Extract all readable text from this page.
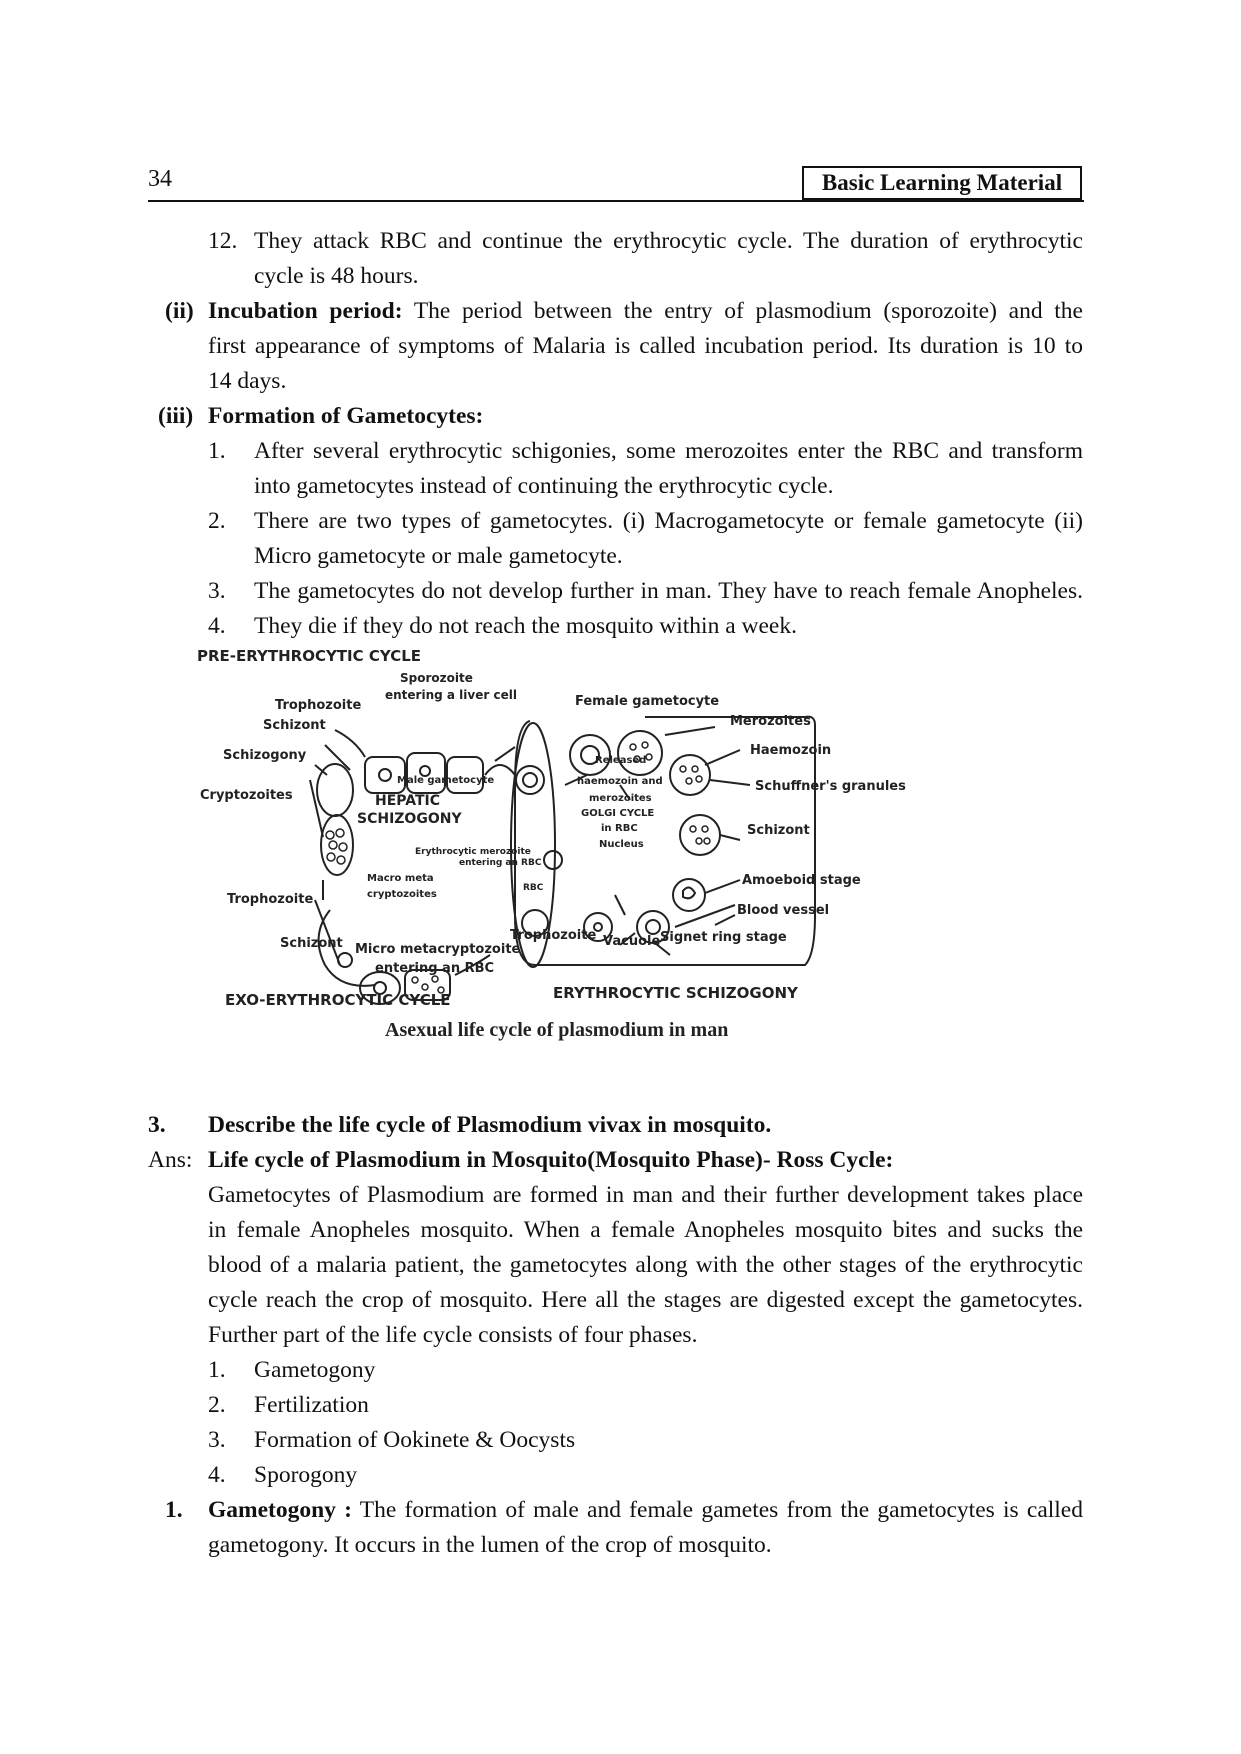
34	Basic Learning Material
12. They attack RBC and continue the erythrocytic cycle. The duration of erythrocytic
cycle is 48 hours.
(ii) Incubation period: The period between the entry of plasmodium (sporozoite) and the
first appearance of symptoms of Malaria is called incubation period. Its duration is 10 to
14 days.
(iii) Formation of Gametocytes:
1. After several erythrocytic schigonies, some merozoites enter the RBC and transform
into gametocytes instead of continuing the erythrocytic cycle.
2. There are two types of gametocytes. (i) Macrogametocyte or female gametocyte (ii)
Micro gametocyte or male gametocyte.
3. The gametocytes do not develop further in man. They have to reach female Anopheles.
4. They die if they do not reach the mosquito within a week.
PRE-ERYTHROCYTIC CYCLE
Sporozoite
entering a liver cell
Trophozoite
Schizont
Schizogony
Cryptozoites	HEPATIC
SCHIZOGONY
Male gametocyte
Female gametocyte
Merozoites
Haemozoin
Schuffner's granules
Released
haemozoin and
merozoites
GOLGI CYCLE
in RBC
Nucleus
Schizont
Amoeboid stage
Blood vessel
Erythrocytic merozoite
entering an RBC
Macro meta
cryptozoites
RBC
Trophozoite
Schizont Micro metacryptozoite
entering an RBC
Trophozoite Vacuole Signet ring stage
EXO-ERYTHROCYTIC CYCLE	ERYTHROCYTIC SCHIZOGONY
Asexual life cycle of plasmodium in man
3. Describe the life cycle of Plasmodium vivax in mosquito.
Ans: Life cycle of Plasmodium in Mosquito(Mosquito Phase)- Ross Cycle:
Gametocytes of Plasmodium are formed in man and their further development takes place
in female Anopheles mosquito. When a female Anopheles mosquito bites and sucks the
blood of a malaria patient, the gametocytes along with the other stages of the erythrocytic
cycle reach the crop of mosquito. Here all the stages are digested except the gametocytes.
Further part of the life cycle consists of four phases.
1. Gametogony
2. Fertilization
3. Formation of Ookinete & Oocysts
4. Sporogony
1. Gametogony : The formation of male and female gametes from the gametocytes is called
gametogony. It occurs in the lumen of the crop of mosquito.
